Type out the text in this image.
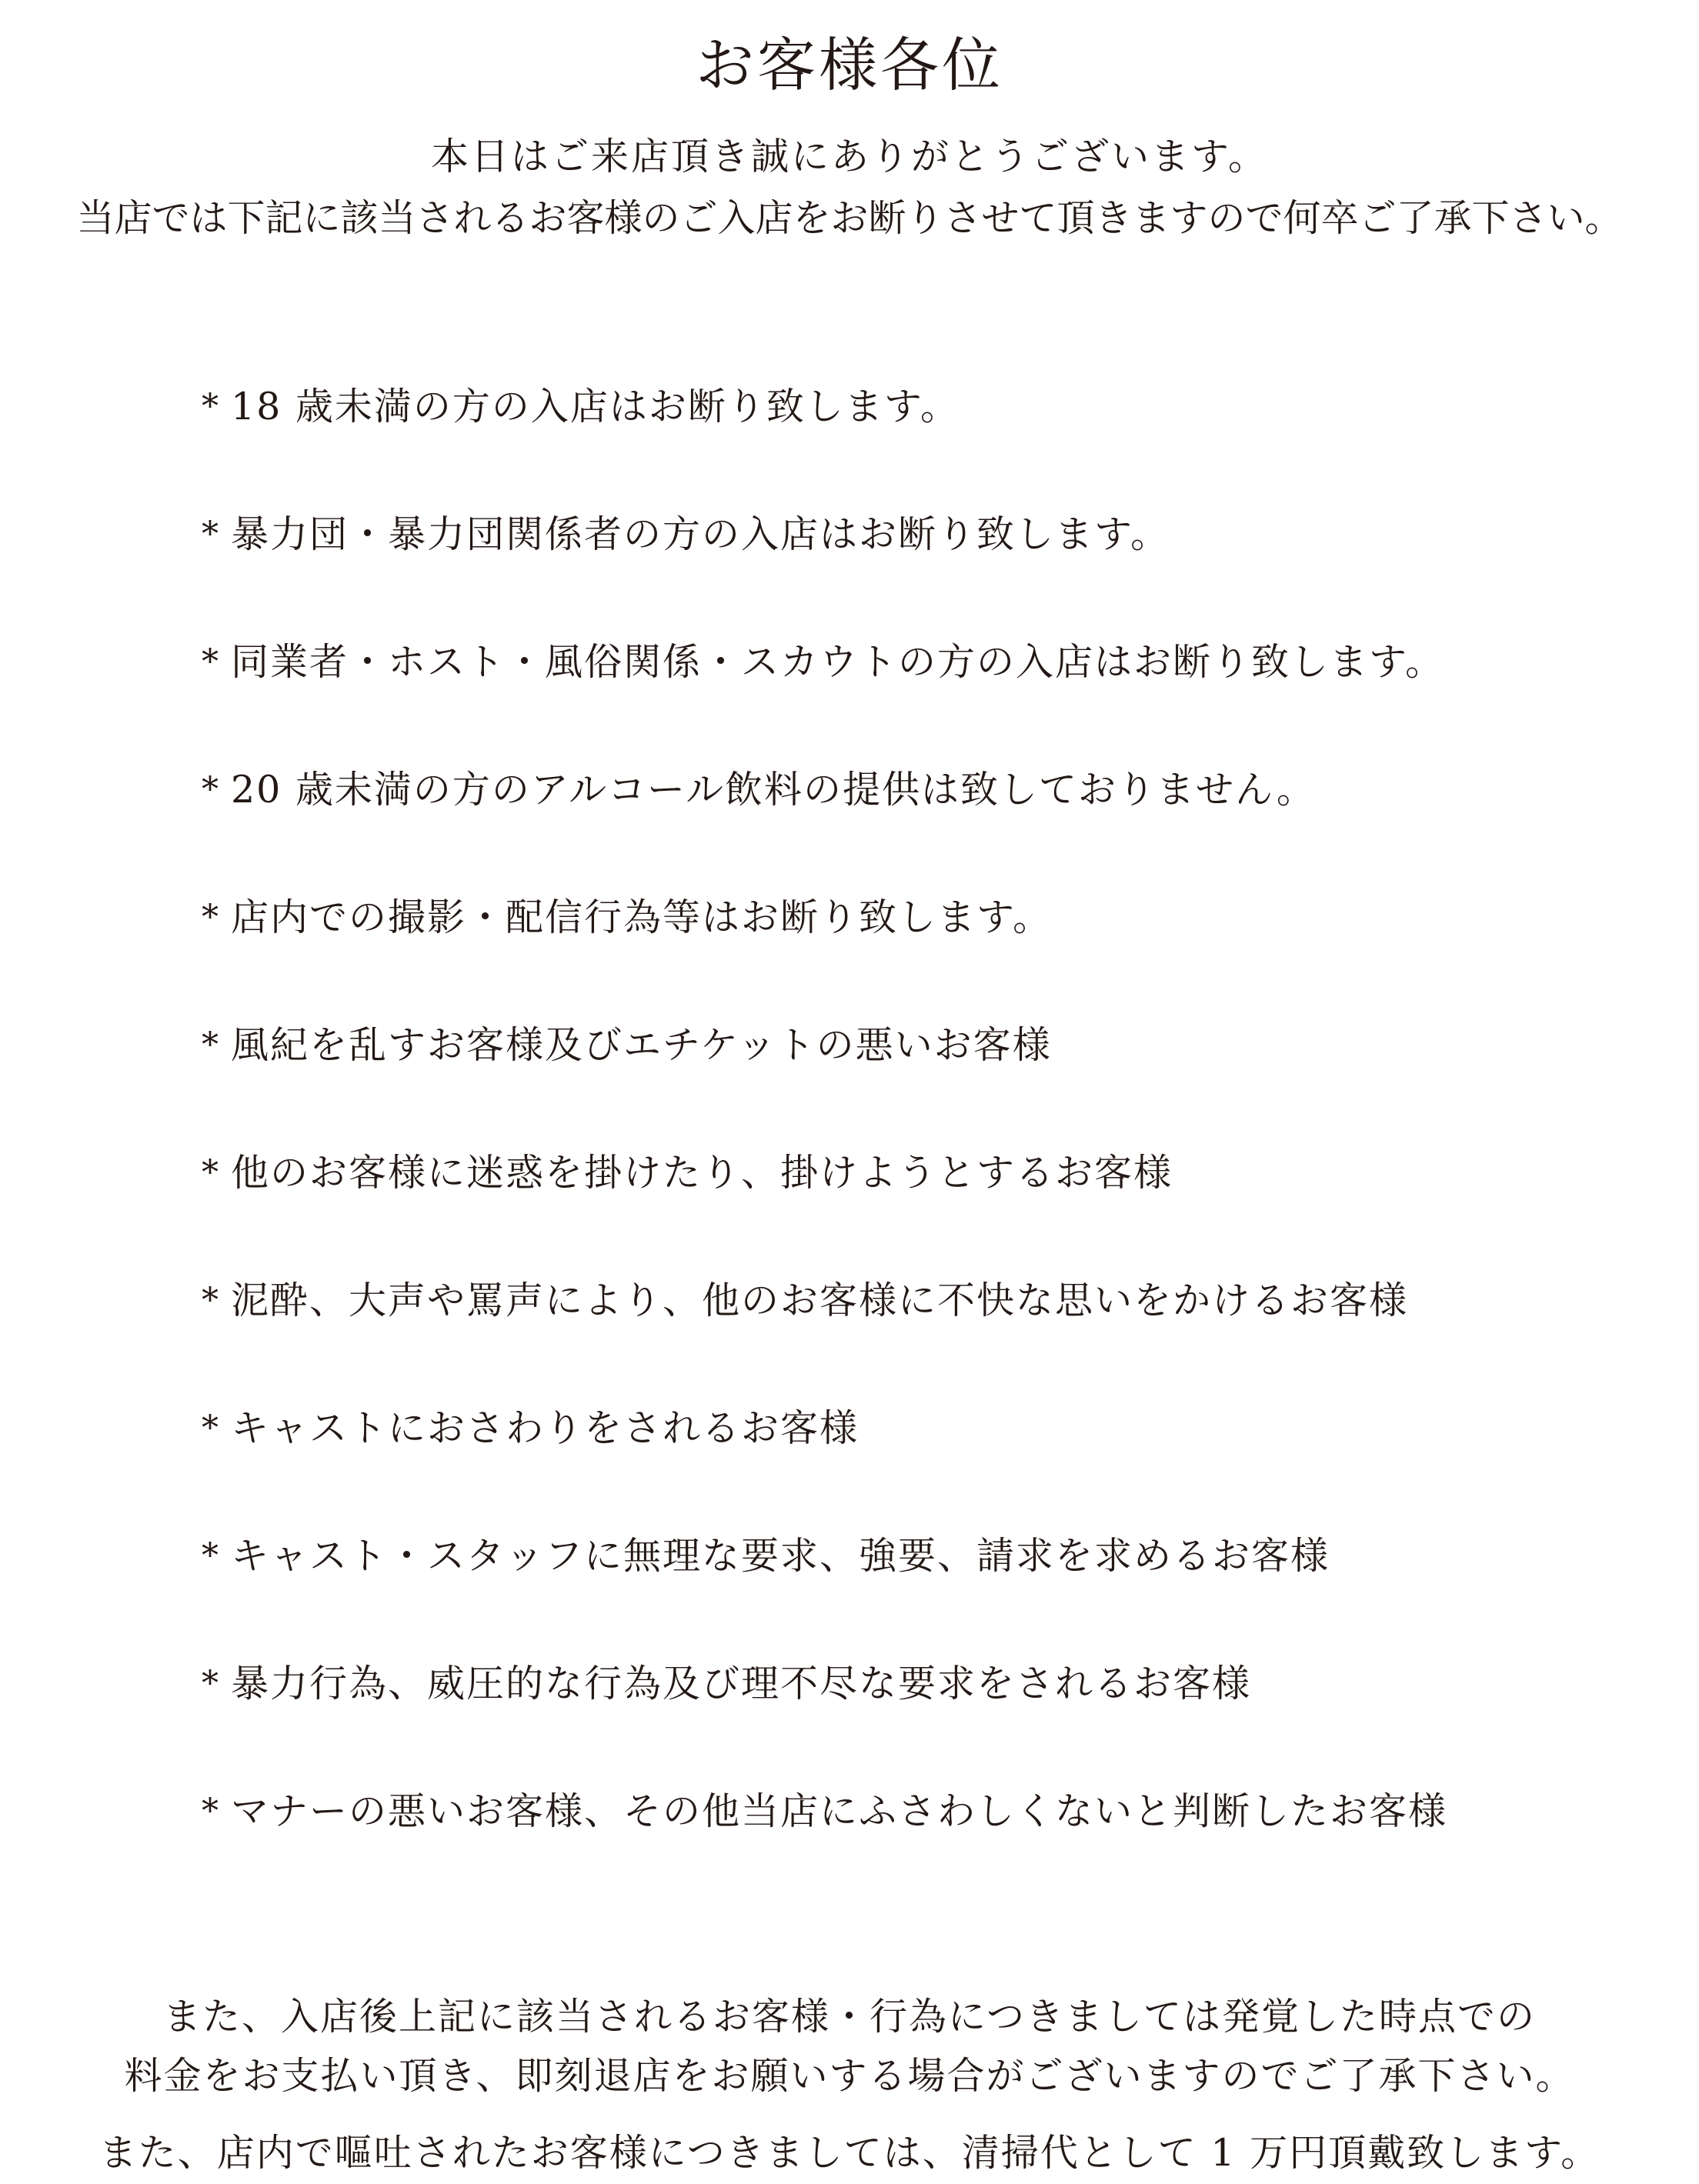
お客様各位
本日はご来店頂き誠にありがとうございます。
当店では下記に該当されるお客様のご入店をお断りさせて頂きますので何卒ご了承下さい。
* 18 歳未満の方の入店はお断り致します。
* 暴力団・暴力団関係者の方の入店はお断り致します。
* 同業者・ホスト・風俗関係・スカウトの方の入店はお断り致します。
* 20 歳未満の方のアルコール飲料の提供は致しておりません。
* 店内での撮影・配信行為等はお断り致します。
* 風紀を乱すお客様及びエチケットの悪いお客様
* 他のお客様に迷惑を掛けたり、掛けようとするお客様
* 泥酔、大声や罵声により、他のお客様に不快な思いをかけるお客様
* キャストにおさわりをされるお客様
* キャスト・スタッフに無理な要求、強要、請求を求めるお客様
* 暴力行為、威圧的な行為及び理不尽な要求をされるお客様
* マナーの悪いお客様、その他当店にふさわしくないと判断したお客様
また、入店後上記に該当されるお客様・行為につきましては発覚した時点での
料金をお支払い頂き、即刻退店をお願いする場合がございますのでご了承下さい。
また、店内で嘔吐されたお客様につきましては、清掃代として 1 万円頂戴致します。
